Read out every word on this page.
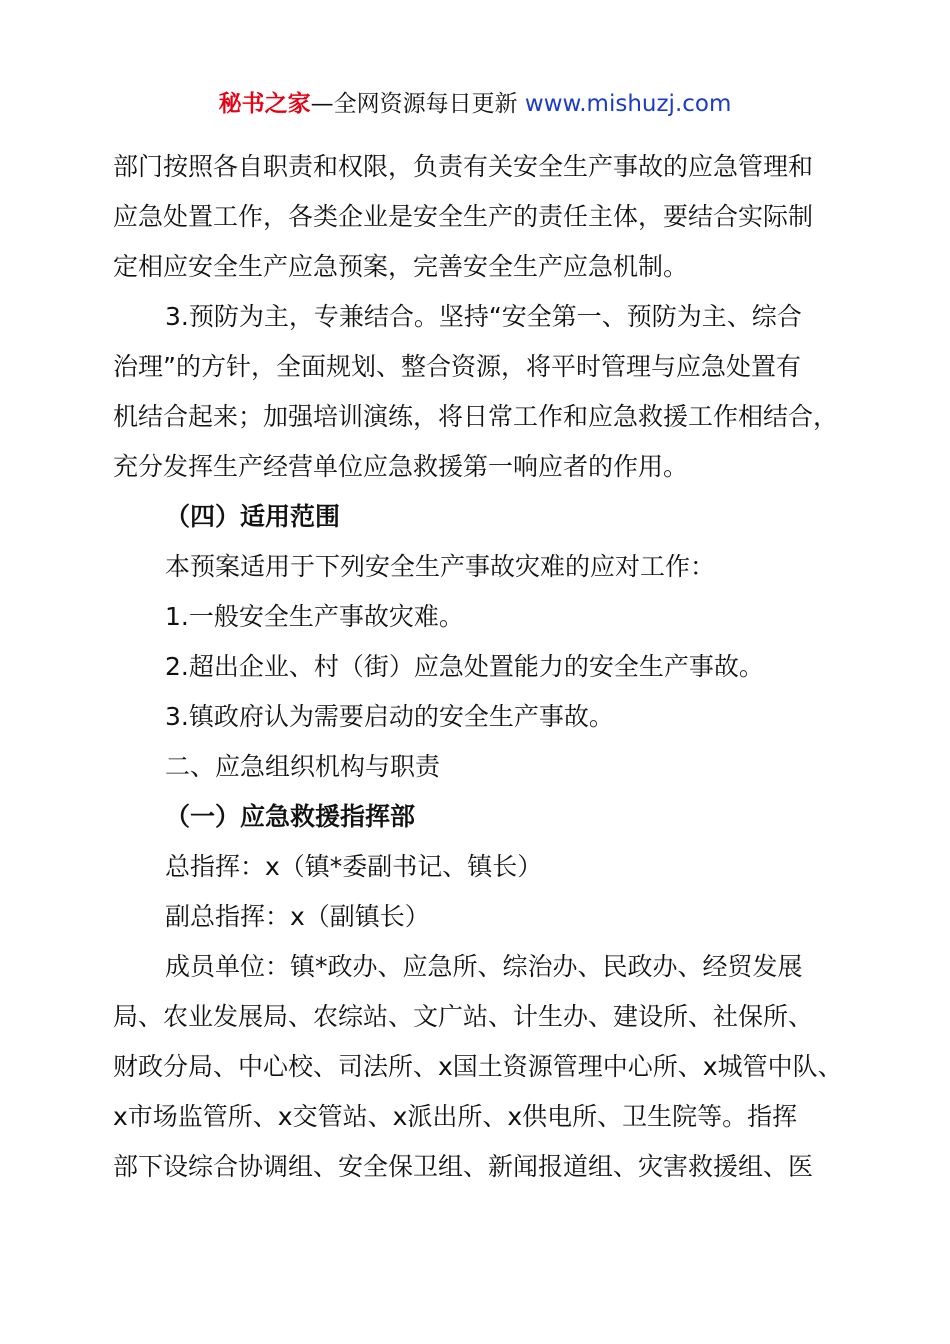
秘书之家—全网资源每日更新 www.mishuzj.com
部门按照各自职责和权限，负责有关安全生产事故的应急管理和
应急处置工作，各类企业是安全生产的责任主体，要结合实际制
定相应安全生产应急预案，完善安全生产应急机制。
3.预防为主，专兼结合。坚持“安全第一、预防为主、综合
治理”的方针，全面规划、整合资源，将平时管理与应急处置有
机结合起来；加强培训演练，将日常工作和应急救援工作相结合，
充分发挥生产经营单位应急救援第一响应者的作用。
（四）适用范围
本预案适用于下列安全生产事故灾难的应对工作：
1.一般安全生产事故灾难。
2.超出企业、村（街）应急处置能力的安全生产事故。
3.镇政府认为需要启动的安全生产事故。
二、应急组织机构与职责
（一）应急救援指挥部
总指挥：x（镇*委副书记、镇长）
副总指挥：x（副镇长）
成员单位：镇*政办、应急所、综治办、民政办、经贸发展
局、农业发展局、农综站、文广站、计生办、建设所、社保所、
财政分局、中心校、司法所、x国土资源管理中心所、x城管中队、
x市场监管所、x交管站、x派出所、x供电所、卫生院等。指挥
部下设综合协调组、安全保卫组、新闻报道组、灾害救援组、医
